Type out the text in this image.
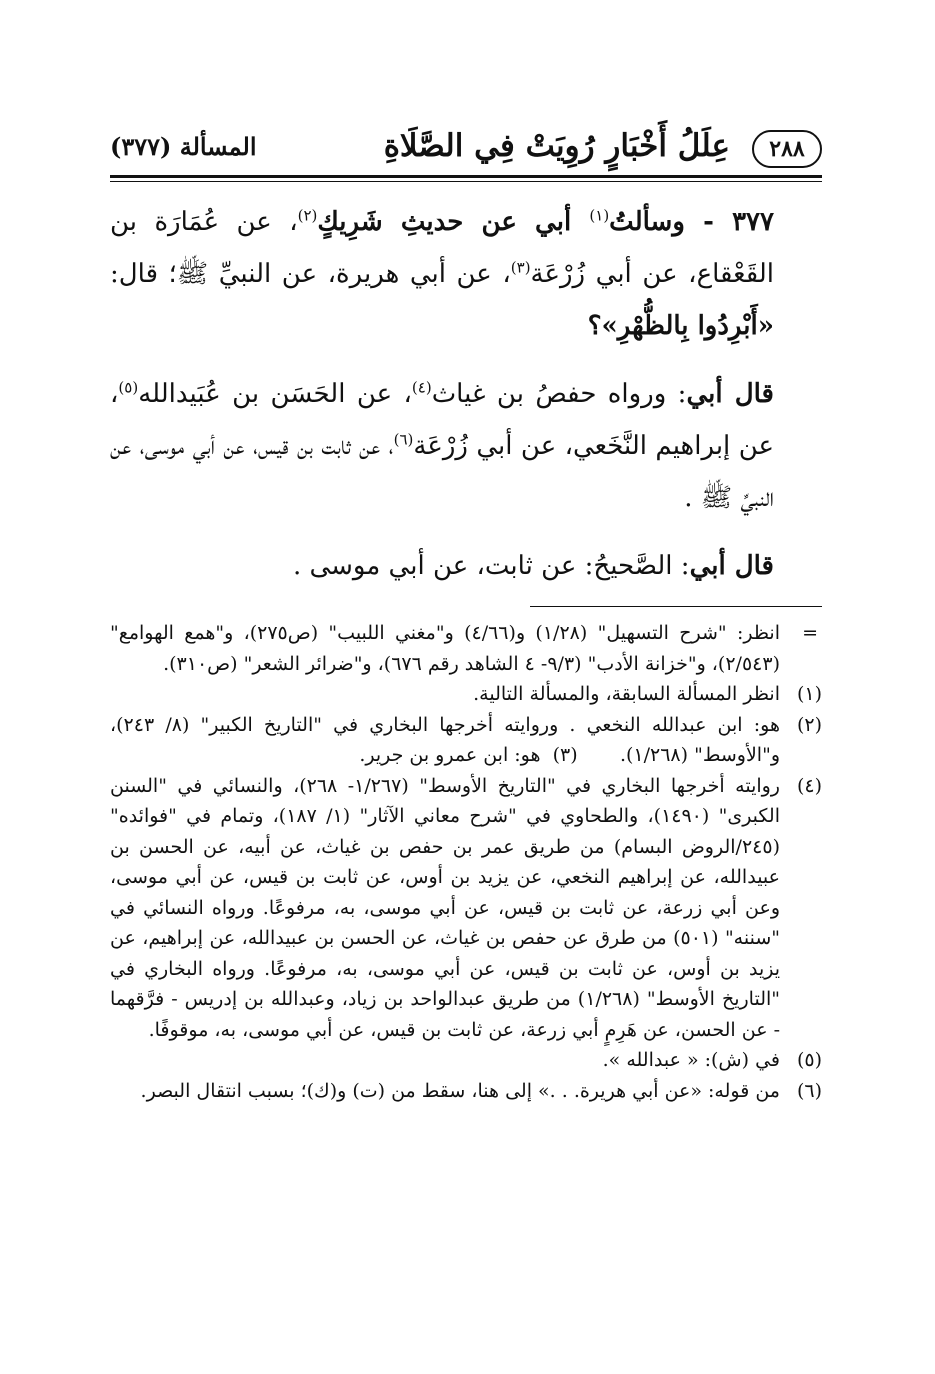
٢٨٨
عِلَلُ أَخْبَارٍ رُوِيَتْ فِي الصَّلَاةِ
المسألة (٣٧٧)

٣٧٧ - وسألتُ$^{(١)}$ أبي عن حديثِ شَرِيكٍ$^{(٢)}$، عن عُمَارَة بن القَعْقاع، عن أبي زُرْعَة$^{(٣)}$، عن أبي هريرة، عن النبيِّ ﷺ؛ قال: «أَبْرِدُوا بِالظُّهْرِ»؟

قال أبي: ورواه حفصُ بن غياث$^{(٤)}$، عن الحَسَن بن عُبَيدالله$^{(٥)}$، عن إبراهيم النَّخَعي، عن أبي زُرْعَة$^{(٦)}$، عن ثابت بن قيس، عن أبي موسى، عن النبيِّ ﷺ .

قال أبي: الصَّحيحُ: عن ثابت، عن أبي موسى .

=
انظر: "شرح التسهيل" (١/٢٨) و(٤/٦٦) و"مغني اللبيب" (ص٢٧٥)، و"همع الهوامع" (٢/٥٤٣)، و"خزانة الأدب" (٩/٣- ٤ الشاهد رقم ٦٧٦)، و"ضرائر الشعر" (ص٣١٠).
(١)
انظر المسألة السابقة، والمسألة التالية.
(٢)
هو: ابن عبدالله النخعي . وروايته أخرجها البخاري في "التاريخ الكبير" (٨/ ٢٤٣)، و"الأوسط" (١/٢٦٨).       (٣)  هو: ابن عمرو بن جرير.
(٤)
روايته أخرجها البخاري في "التاريخ الأوسط" (١/٢٦٧- ٢٦٨)، والنسائي في "السنن الكبرى" (١٤٩٠)، والطحاوي في "شرح معاني الآثار" (١/ ١٨٧)، وتمام في "فوائده" (٢٤٥/الروض البسام) من طريق عمر بن حفص بن غياث، عن أبيه، عن الحسن بن عبيدالله، عن إبراهيم النخعي، عن يزيد بن أوس، عن ثابت بن قيس، عن أبي موسى، وعن أبي زرعة، عن ثابت بن قيس، عن أبي موسى، به، مرفوعًا. ورواه النسائي في "سننه" (٥٠١) من طرق عن حفص بن غياث، عن الحسن بن عبيدالله، عن إبراهيم، عن يزيد بن أوس، عن ثابت بن قيس، عن أبي موسى، به، مرفوعًا. ورواه البخاري في "التاريخ الأوسط" (١/٢٦٨) من طريق عبدالواحد بن زياد، وعبدالله بن إدريس - فرَّقهما - عن الحسن، عن هَرِمٍ أبي زرعة، عن ثابت بن قيس، عن أبي موسى، به، موقوفًا.
(٥)
في (ش): « عبدالله ».
(٦)
من قوله: «عن أبي هريرة. . .» إلى هنا، سقط من (ت) و(ك)؛ بسبب انتقال البصر.
